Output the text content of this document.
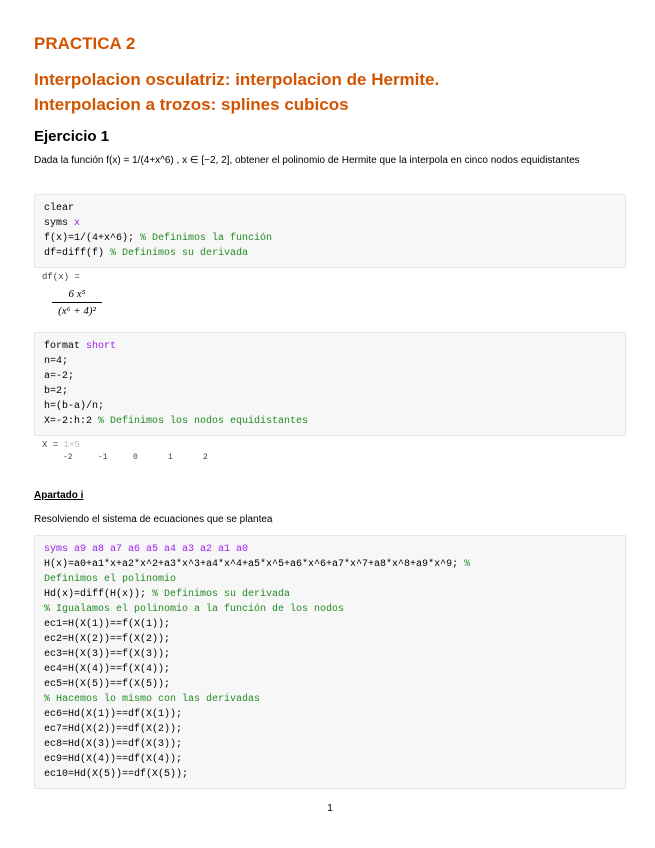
PRACTICA 2
Interpolacion osculatriz: interpolacion de Hermite.
Interpolacion a trozos: splines cubicos
Ejercicio 1
Dada la función f(x) = 1/(4+x^6) , x ∈ [−2, 2], obtener el polinomio de Hermite que la interpola en cinco nodos equidistantes
clear
syms x
f(x)=1/(4+x^6); % Definimos la función
df=diff(f) % Definimos su derivada
df(x) =
$\frac{\text{6 x⁵}}{\text{(x⁶ + 4)²}}$
format short
n=4;
a=-2;
b=2;
h=(b-a)/n;
X=-2:h:2 % Definimos los nodos equidistantes
X = 1×5
-2	-1	0	1	2
Apartado i
Resolviendo el sistema de ecuaciones que se plantea
syms a9 a8 a7 a6 a5 a4 a3 a2 a1 a0
H(x)=a0+a1*x+a2*x^2+a3*x^3+a4*x^4+a5*x^5+a6*x^6+a7*x^7+a8*x^8+a9*x^9; %
Definimos el polinomio
Hd(x)=diff(H(x)); % Definimos su derivada
% Igualamos el polinomio a la función de los nodos
ec1=H(X(1))==f(X(1));
ec2=H(X(2))==f(X(2));
ec3=H(X(3))==f(X(3));
ec4=H(X(4))==f(X(4));
ec5=H(X(5))==f(X(5));
% Hacemos lo mismo con las derivadas
ec6=Hd(X(1))==df(X(1));
ec7=Hd(X(2))==df(X(2));
ec8=Hd(X(3))==df(X(3));
ec9=Hd(X(4))==df(X(4));
ec10=Hd(X(5))==df(X(5));
1
